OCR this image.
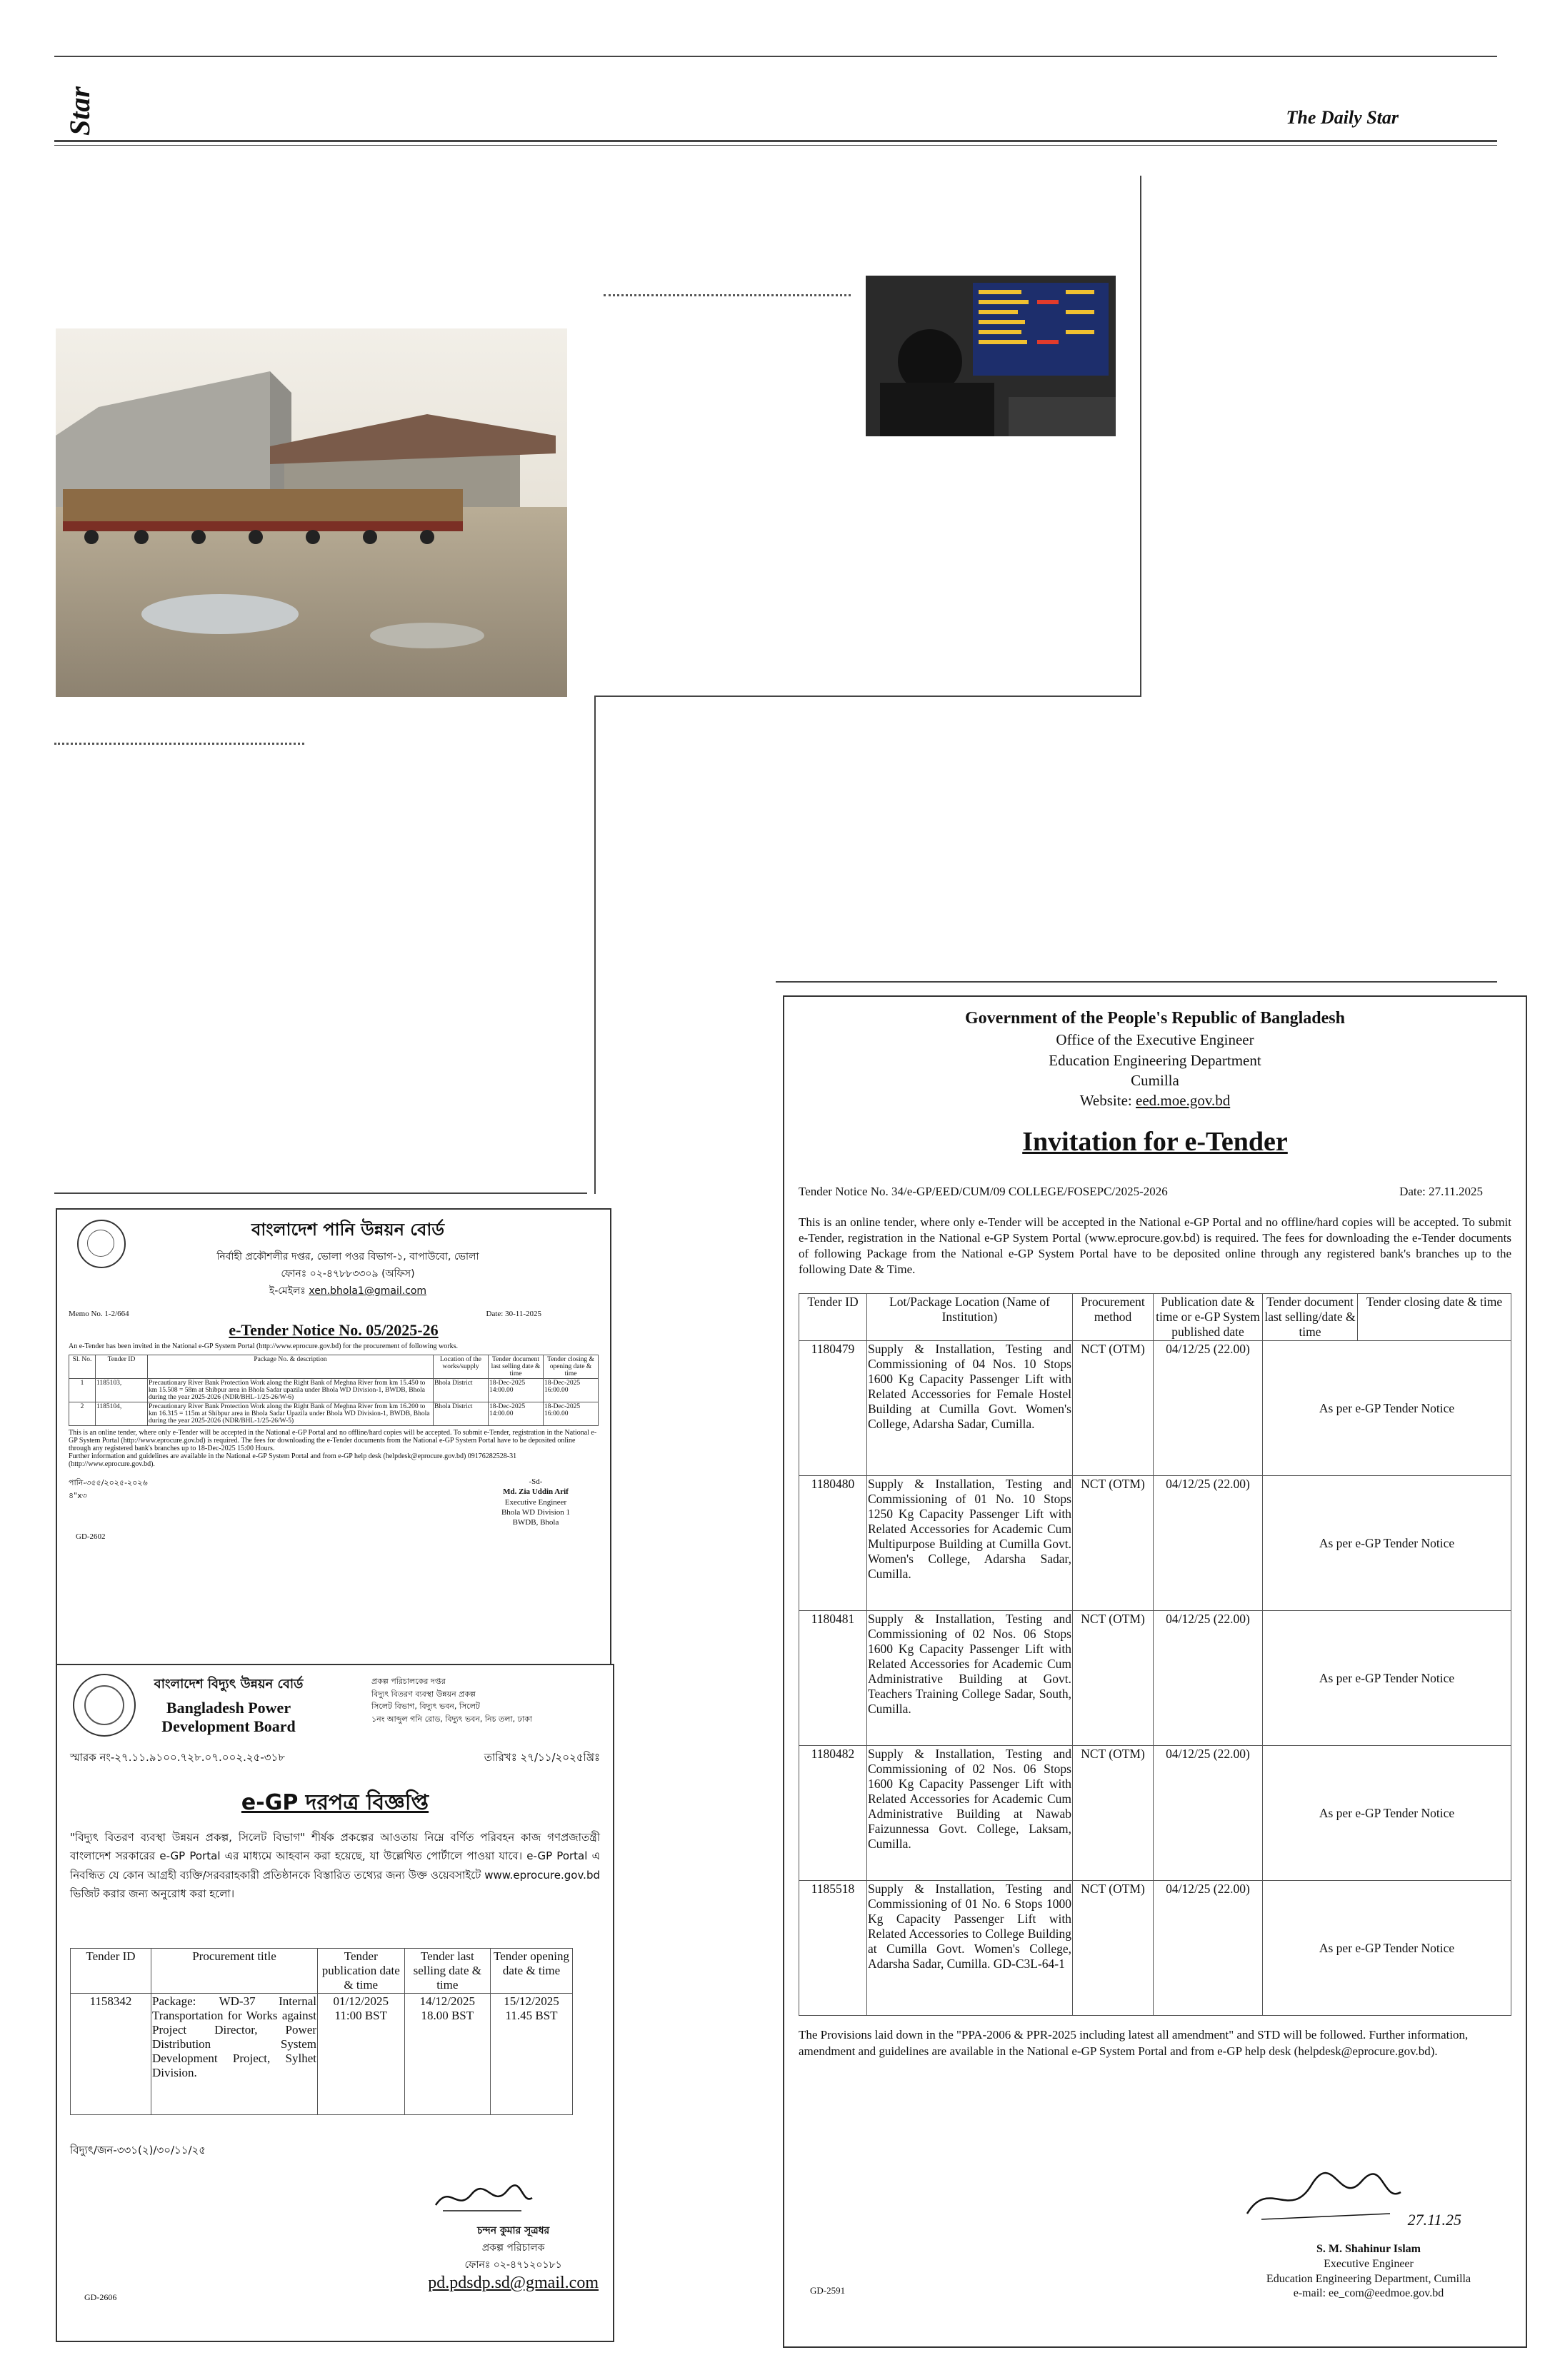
Star	The Daily Star
বাংলাদেশ পানি উন্নয়ন বোর্ড
নির্বাহী প্রকৌশলীর দপ্তর, ভোলা পওর বিভাগ-১, বাপাউবো, ভোলা
ফোনঃ ০২-৪৭৮৮৩৩০৯ (অফিস)
ই-মেইলঃ xen.bhola1@gmail.com
Memo No. 1-2/664	Date: 30-11-2025
e-Tender Notice No. 05/2025-26
An e-Tender has been invited in the National e-GP System Portal (http://www.eprocure.gov.bd) for the procurement of following works.
Sl. No.	Tender ID	Package No. & description	Location of the works/supply	Tender document last selling date & time	Tender closing & opening date & time
1	1185103,	Precautionary River Bank Protection Work along the Right Bank of Meghna River from km 15.450 to km 15.508 = 58m at Shibpur area in Bhola Sadar upazila under Bhola WD Division-1, BWDB, Bhola during the year 2025-2026 (NDR/BHL-1/25-26/W-6)	Bhola District	18-Dec-2025 14:00.00	18-Dec-2025 16:00.00
2	1185104,	Precautionary River Bank Protection Work along the Right Bank of Meghna River from km 16.200 to km 16.315 = 115m at Shibpur area in Bhola Sadar Upazila under Bhola WD Division-1, BWDB, Bhola during the year 2025-2026 (NDR/BHL-1/25-26/W-5)	Bhola District	18-Dec-2025 14:00.00	18-Dec-2025 16:00.00
This is an online tender, where only e-Tender will be accepted in the National e-GP Portal and no offline/hard copies will be accepted. To submit e-Tender, registration in the National e-GP System Portal (http://www.eprocure.gov.bd) is required. The fees for downloading the e-Tender documents from the National e-GP System Portal have to be deposited online through any registered bank's branches up to 18-Dec-2025 15:00 Hours.
Further information and guidelines are available in the National e-GP System Portal and from e-GP help desk (helpdesk@eprocure.gov.bd) 09176282528-31 (http://www.eprocure.gov.bd).
পানি-৩৫৫/২০২৫-২০২৬
৪"x৩
GD-2602
-Sd-
Md. Zia Uddin Arif
Executive Engineer
Bhola WD Division 1
BWDB, Bhola
বাংলাদেশ বিদ্যুৎ উন্নয়ন বোর্ড
Bangladesh Power Development Board
প্রকল্প পরিচালকের দপ্তর
বিদ্যুৎ বিতরণ ব্যবস্থা উন্নয়ন প্রকল্প
সিলেট বিভাগ, বিদ্যুৎ ভবন, সিলেট
১নং আব্দুল গনি রোড, বিদ্যুৎ ভবন, নিচ তলা, ঢাকা
স্মারক নং-২৭.১১.৯১০০.৭২৮.০৭.০০২.২৫-৩১৮	তারিখঃ ২৭/১১/২০২৫খ্রিঃ
e-GP দরপত্র বিজ্ঞপ্তি
"বিদ্যুৎ বিতরণ ব্যবস্থা উন্নয়ন প্রকল্প, সিলেট বিভাগ" শীর্ষক প্রকল্পের আওতায় নিম্নে বর্ণিত পরিবহন কাজ গণপ্রজাতন্ত্রী বাংলাদেশ সরকারের e-GP Portal এর মাধ্যমে আহবান করা হয়েছে, যা উল্লেখিত পোর্টালে পাওয়া যাবে। e-GP Portal এ নিবন্ধিত যে কোন আগ্রহী ব্যক্তি/সরবরাহকারী প্রতিষ্ঠানকে বিস্তারিত তথ্যের জন্য উক্ত ওয়েবসাইটে www.eprocure.gov.bd ভিজিট করার জন্য অনুরোধ করা হলো।
Tender ID	Procurement title	Tender publication date & time	Tender last selling date & time	Tender opening date & time
1158342	Package: WD-37 Internal Transportation for Works against Project Director, Power Distribution System Development Project, Sylhet Division.	01/12/2025 11:00 BST	14/12/2025 18.00 BST	15/12/2025 11.45 BST
বিদ্যুৎ/জন-৩৩১(২)/৩০/১১/২৫
চন্দন কুমার সূত্রধর
প্রকল্প পরিচালক
ফোনঃ ০২-৪৭১২০১৮১
pd.pdsdp.sd@gmail.com
GD-2606
Government of the People's Republic of Bangladesh
Office of the Executive Engineer
Education Engineering Department
Cumilla
Website: eed.moe.gov.bd
Invitation for e-Tender
Tender Notice No. 34/e-GP/EED/CUM/09 COLLEGE/FOSEPC/2025-2026	Date: 27.11.2025
This is an online tender, where only e-Tender will be accepted in the National e-GP Portal and no offline/hard copies will be accepted. To submit e-Tender, registration in the National e-GP System Portal (www.eprocure.gov.bd) is required. The fees for downloading the e-Tender documents of following Package from the National e-GP System Portal have to be deposited online through any registered bank's branches up to the following Date & Time.
Tender ID	Lot/Package Location (Name of Institution)	Procurement method	Publication date & time or e-GP System published date	Tender document last selling/date & time	Tender closing date & time
1180479	Supply & Installation, Testing and Commissioning of 04 Nos. 10 Stops 1600 Kg Capacity Passenger Lift with Related Accessories for Female Hostel Building at Cumilla Govt. Women's College, Adarsha Sadar, Cumilla.	NCT (OTM)	04/12/25 (22.00)	As per e-GP Tender Notice	
1180480	Supply & Installation, Testing and Commissioning of 01 No. 10 Stops 1250 Kg Capacity Passenger Lift with Related Accessories for Academic Cum Multipurpose Building at Cumilla Govt. Women's College, Adarsha Sadar, Cumilla.	NCT (OTM)	04/12/25 (22.00)	As per e-GP Tender Notice	
1180481	Supply & Installation, Testing and Commissioning of 02 Nos. 06 Stops 1600 Kg Capacity Passenger Lift with Related Accessories for Academic Cum Administrative Building at Govt. Teachers Training College Sadar, South, Cumilla.	NCT (OTM)	04/12/25 (22.00)	As per e-GP Tender Notice	
1180482	Supply & Installation, Testing and Commissioning of 02 Nos. 06 Stops 1600 Kg Capacity Passenger Lift with Related Accessories for Academic Cum Administrative Building at Nawab Faizunnessa Govt. College, Laksam, Cumilla.	NCT (OTM)	04/12/25 (22.00)	As per e-GP Tender Notice	
1185518	Supply & Installation, Testing and Commissioning of 01 No. 6 Stops 1000 Kg Capacity Passenger Lift with Related Accessories to College Building at Cumilla Govt. Women's College, Adarsha Sadar, Cumilla. GD-C3L-64-1	NCT (OTM)	04/12/25 (22.00)	As per e-GP Tender Notice	
The Provisions laid down in the "PPA-2006 & PPR-2025 including latest all amendment" and STD will be followed. Further information, amendment and guidelines are available in the National e-GP System Portal and from e-GP help desk (helpdesk@eprocure.gov.bd).
27.11.25
S. M. Shahinur Islam
Executive Engineer
Education Engineering Department, Cumilla
e-mail: ee_com@eedmoe.gov.bd
GD-2591
